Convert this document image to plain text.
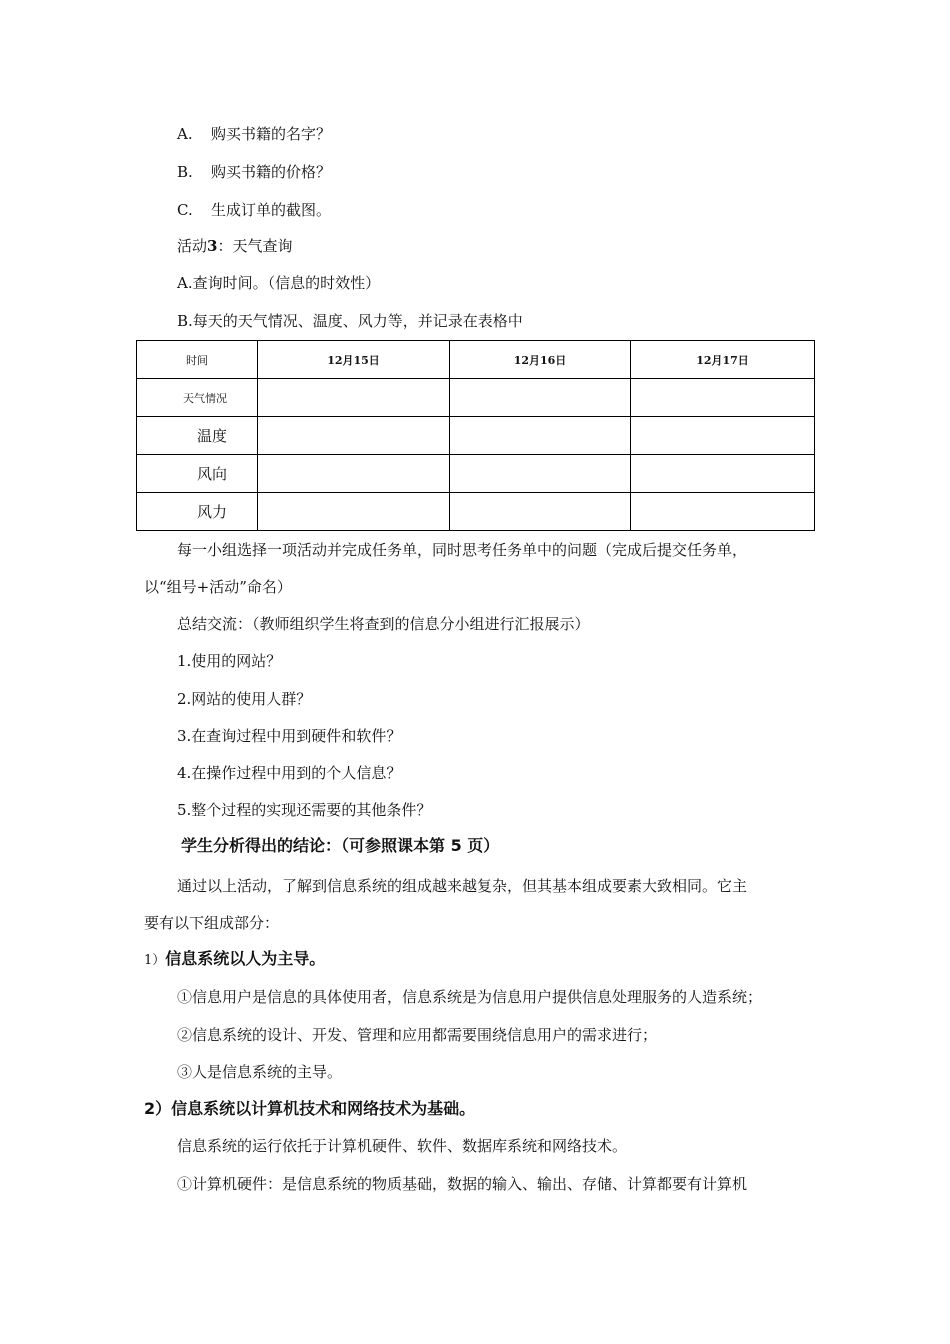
A. 购买书籍的名字？
B. 购买书籍的价格？
C. 生成订单的截图。
活动3：天气查询
A.查询时间。（信息的时效性）
B.每天的天气情况、温度、风力等，并记录在表格中
时间	12月15日	12月16日	12月17日
天气情况			
温度			
风向			
风力			
每一小组选择一项活动并完成任务单，同时思考任务单中的问题（完成后提交任务单，
以“组号+活动”命名）
总结交流：（教师组织学生将查到的信息分小组进行汇报展示）
1.使用的网站？
2.网站的使用人群？
3.在查询过程中用到硬件和软件？
4.在操作过程中用到的个人信息？
5.整个过程的实现还需要的其他条件？
学生分析得出的结论：（可参照课本第 5 页）
通过以上活动，了解到信息系统的组成越来越复杂，但其基本组成要素大致相同。它主
要有以下组成部分：
1）信息系统以人为主导。
①信息用户是信息的具体使用者，信息系统是为信息用户提供信息处理服务的人造系统；
②信息系统的设计、开发、管理和应用都需要围绕信息用户的需求进行；
③人是信息系统的主导。
2）信息系统以计算机技术和网络技术为基础。
信息系统的运行依托于计算机硬件、软件、数据库系统和网络技术。
①计算机硬件：是信息系统的物质基础，数据的输入、输出、存储、计算都要有计算机
